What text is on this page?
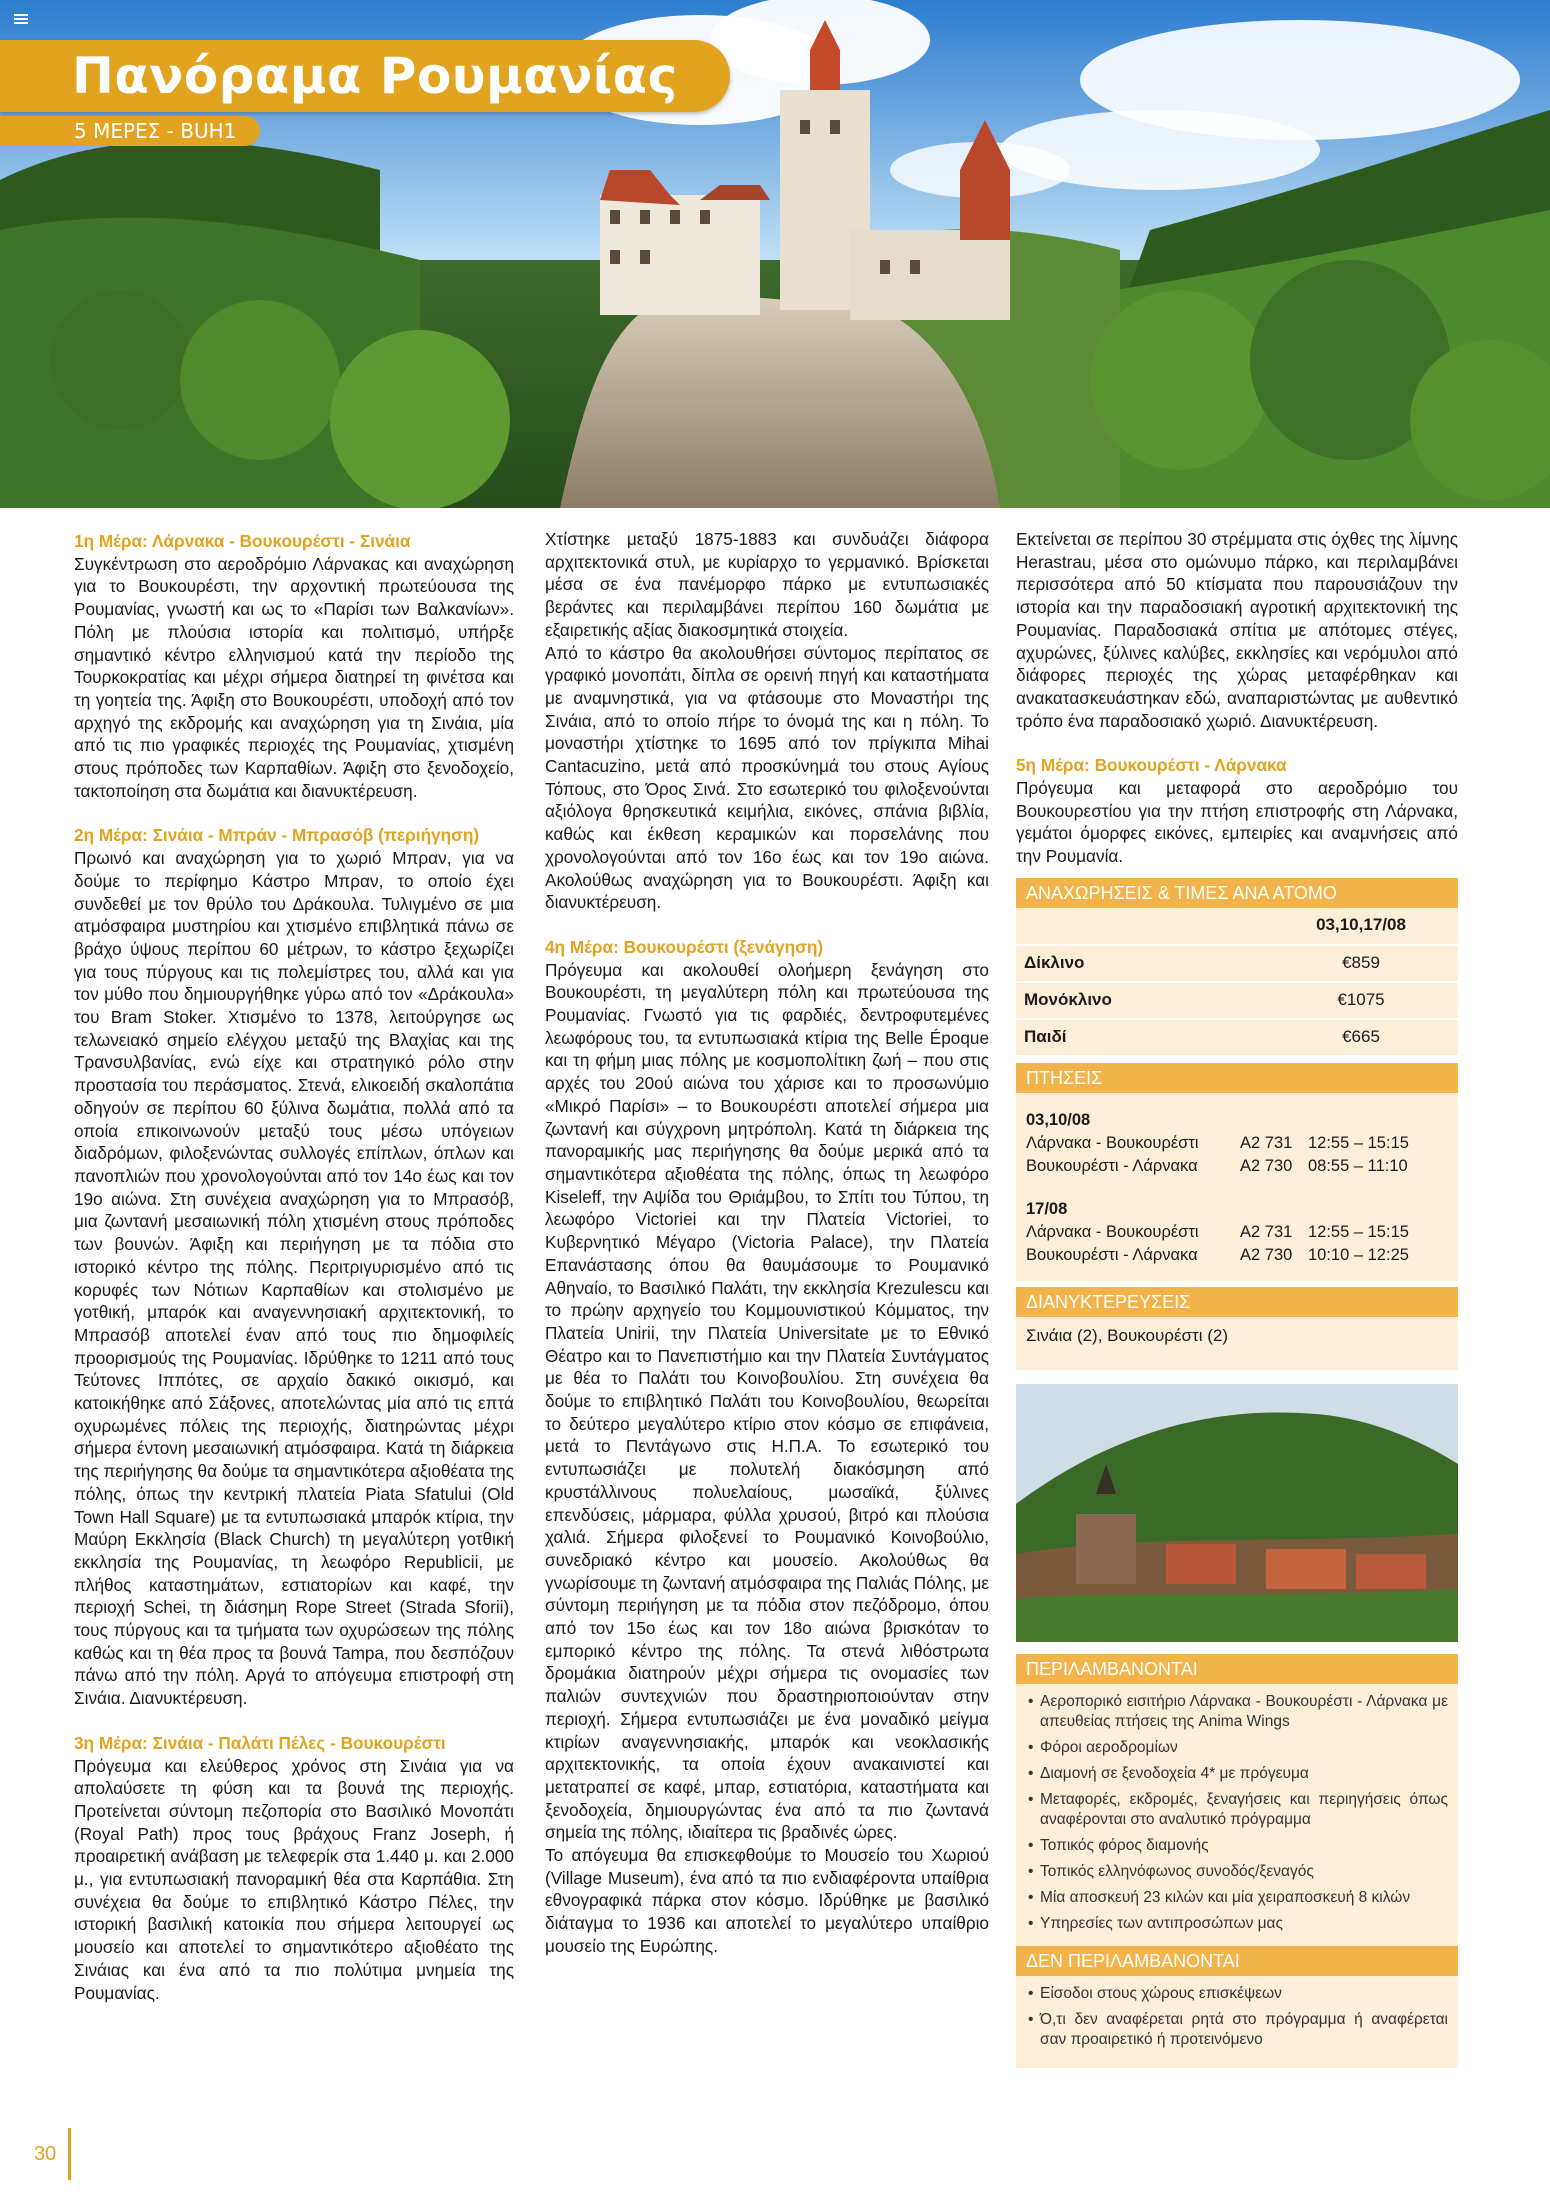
Πανόραμα Ρουμανίας
5 ΜΕΡΕΣ - BUH1
1η Μέρα: Λάρνακα - Βουκουρέστι - Σινάια
Συγκέντρωση στο αεροδρόμιο Λάρνακας και αναχώρηση για το Βουκουρέστι, την αρχοντική πρωτεύουσα της Ρουμανίας, γνωστή και ως το «Παρίσι των Βαλκανίων». Πόλη με πλούσια ιστορία και πολιτισμό, υπήρξε σημαντικό κέντρο ελληνισμού κατά την περίοδο της Τουρκοκρατίας και μέχρι σήμερα διατηρεί τη φινέτσα και τη γοητεία της. Άφιξη στο Βουκουρέστι, υποδοχή από τον αρχηγό της εκδρομής και αναχώρηση για τη Σινάια, μία από τις πιο γραφικές περιοχές της Ρουμανίας, χτισμένη στους πρόποδες των Καρπαθίων. Άφιξη στο ξενοδοχείο, τακτοποίηση στα δωμάτια και διανυκτέρευση.
2η Μέρα: Σινάια - Μπράν - Μπρασόβ (περιήγηση)
Πρωινό και αναχώρηση για το χωριό Μπραν, για να δούμε το περίφημο Κάστρο Μπραν, το οποίο έχει συνδεθεί με τον θρύλο του Δράκουλα. Τυλιγμένο σε μια ατμόσφαιρα μυστηρίου και χτισμένο επιβλητικά πάνω σε βράχο ύψους περίπου 60 μέτρων, το κάστρο ξεχωρίζει για τους πύργους και τις πολεμίστρες του, αλλά και για τον μύθο που δημιουργήθηκε γύρω από τον «Δράκουλα» του Bram Stoker. Χτισμένο το 1378, λειτούργησε ως τελωνειακό σημείο ελέγχου μεταξύ της Βλαχίας και της Τρανσυλβανίας, ενώ είχε και στρατηγικό ρόλο στην προστασία του περάσματος. Στενά, ελικοειδή σκαλοπάτια οδηγούν σε περίπου 60 ξύλινα δωμάτια, πολλά από τα οποία επικοινωνούν μεταξύ τους μέσω υπόγειων διαδρόμων, φιλοξενώντας συλλογές επίπλων, όπλων και πανοπλιών που χρονολογούνται από τον 14ο έως και τον 19ο αιώνα. Στη συνέχεια αναχώρηση για το Μπρασόβ, μια ζωντανή μεσαιωνική πόλη χτισμένη στους πρόποδες των βουνών. Άφιξη και περιήγηση με τα πόδια στο ιστορικό κέντρο της πόλης. Περιτριγυρισμένο από τις κορυφές των Νότιων Καρπαθίων και στολισμένο με γοτθική, μπαρόκ και αναγεννησιακή αρχιτεκτονική, το Μπρασόβ αποτελεί έναν από τους πιο δημοφιλείς προορισμούς της Ρουμανίας. Ιδρύθηκε το 1211 από τους Τεύτονες Ιππότες, σε αρχαίο δακικό οικισμό, και κατοικήθηκε από Σάξονες, αποτελώντας μία από τις επτά οχυρωμένες πόλεις της περιοχής, διατηρώντας μέχρι σήμερα έντονη μεσαιωνική ατμόσφαιρα. Κατά τη διάρκεια της περιήγησης θα δούμε τα σημαντικότερα αξιοθέατα της πόλης, όπως την κεντρική πλατεία Piata Sfatului (Old Town Hall Square) με τα εντυπωσιακά μπαρόκ κτίρια, την Μαύρη Εκκλησία (Black Church) τη μεγαλύτερη γοτθική εκκλησία της Ρουμανίας, τη λεωφόρο Republicii, με πλήθος καταστημάτων, εστιατορίων και καφέ, την περιοχή Schei, τη διάσημη Rope Street (Strada Sforii), τους πύργους και τα τμήματα των οχυρώσεων της πόλης καθώς και τη θέα προς τα βουνά Tampa, που δεσπόζουν πάνω από την πόλη. Αργά το απόγευμα επιστροφή στη Σινάια. Διανυκτέρευση.
3η Μέρα: Σινάια - Παλάτι Πέλες - Βουκουρέστι
Πρόγευμα και ελεύθερος χρόνος στη Σινάια για να απολαύσετε τη φύση και τα βουνά της περιοχής. Προτείνεται σύντομη πεζοπορία στο Βασιλικό Μονοπάτι (Royal Path) προς τους βράχους Franz Joseph, ή προαιρετική ανάβαση με τελεφερίκ στα 1.440 μ. και 2.000 μ., για εντυπωσιακή πανοραμική θέα στα Καρπάθια. Στη συνέχεια θα δούμε το επιβλητικό Κάστρο Πέλες, την ιστορική βασιλική κατοικία που σήμερα λειτουργεί ως μουσείο και αποτελεί το σημαντικότερο αξιοθέατο της Σινάιας και ένα από τα πιο πολύτιμα μνημεία της Ρουμανίας.
Χτίστηκε μεταξύ 1875-1883 και συνδυάζει διάφορα αρχιτεκτονικά στυλ, με κυρίαρχο το γερμανικό. Βρίσκεται μέσα σε ένα πανέμορφο πάρκο με εντυπωσιακές βεράντες και περιλαμβάνει περίπου 160 δωμάτια με εξαιρετικής αξίας διακοσμητικά στοιχεία.
Από το κάστρο θα ακολουθήσει σύντομος περίπατος σε γραφικό μονοπάτι, δίπλα σε ορεινή πηγή και καταστήματα με αναμνηστικά, για να φτάσουμε στο Μοναστήρι της Σινάια, από το οποίο πήρε το όνομά της και η πόλη. Το μοναστήρι χτίστηκε το 1695 από τον πρίγκιπα Mihai Cantacuzino, μετά από προσκύνημά του στους Αγίους Τόπους, στο Όρος Σινά. Στο εσωτερικό του φιλοξενούνται αξιόλογα θρησκευτικά κειμήλια, εικόνες, σπάνια βιβλία, καθώς και έκθεση κεραμικών και πορσελάνης που χρονολογούνται από τον 16ο έως και τον 19ο αιώνα. Ακολούθως αναχώρηση για το Βουκουρέστι. Άφιξη και διανυκτέρευση.
4η Μέρα: Βουκουρέστι (ξενάγηση)
Πρόγευμα και ακολουθεί ολοήμερη ξενάγηση στο Βουκουρέστι, τη μεγαλύτερη πόλη και πρωτεύουσα της Ρουμανίας. Γνωστό για τις φαρδιές, δεντροφυτεμένες λεωφόρους του, τα εντυπωσιακά κτίρια της Belle Époque και τη φήμη μιας πόλης με κοσμοπολίτικη ζωή – που στις αρχές του 20ού αιώνα του χάρισε και το προσωνύμιο «Μικρό Παρίσι» – το Βουκουρέστι αποτελεί σήμερα μια ζωντανή και σύγχρονη μητρόπολη. Κατά τη διάρκεια της πανοραμικής μας περιήγησης θα δούμε μερικά από τα σημαντικότερα αξιοθέατα της πόλης, όπως τη λεωφόρο Kiseleff, την Αψίδα του Θριάμβου, το Σπίτι του Τύπου, τη λεωφόρο Victoriei και την Πλατεία Victoriei, το Κυβερνητικό Μέγαρο (Victoria Palace), την Πλατεία Επανάστασης όπου θα θαυμάσουμε το Ρουμανικό Αθηναίο, το Βασιλικό Παλάτι, την εκκλησία Krezulescu και το πρώην αρχηγείο του Κομμουνιστικού Κόμματος, την Πλατεία Unirii, την Πλατεία Universitate με το Εθνικό Θέατρο και το Πανεπιστήμιο και την Πλατεία Συντάγματος με θέα το Παλάτι του Κοινοβουλίου. Στη συνέχεια θα δούμε το επιβλητικό Παλάτι του Κοινοβουλίου, θεωρείται το δεύτερο μεγαλύτερο κτίριο στον κόσμο σε επιφάνεια, μετά το Πεντάγωνο στις Η.Π.Α. Το εσωτερικό του εντυπωσιάζει με πολυτελή διακόσμηση από κρυστάλλινους πολυελαίους, μωσαϊκά, ξύλινες επενδύσεις, μάρμαρα, φύλλα χρυσού, βιτρό και πλούσια χαλιά. Σήμερα φιλοξενεί το Ρουμανικό Κοινοβούλιο, συνεδριακό κέντρο και μουσείο. Ακολούθως θα γνωρίσουμε τη ζωντανή ατμόσφαιρα της Παλιάς Πόλης, με σύντομη περιήγηση με τα πόδια στον πεζόδρομο, όπου από τον 15ο έως και τον 18ο αιώνα βρισκόταν το εμπορικό κέντρο της πόλης. Τα στενά λιθόστρωτα δρομάκια διατηρούν μέχρι σήμερα τις ονομασίες των παλιών συντεχνιών που δραστηριοποιούνταν στην περιοχή. Σήμερα εντυπωσιάζει με ένα μοναδικό μείγμα κτιρίων αναγεννησιακής, μπαρόκ και νεοκλασικής αρχιτεκτονικής, τα οποία έχουν ανακαινιστεί και μετατραπεί σε καφέ, μπαρ, εστιατόρια, καταστήματα και ξενοδοχεία, δημιουργώντας ένα από τα πιο ζωντανά σημεία της πόλης, ιδιαίτερα τις βραδινές ώρες.
Το απόγευμα θα επισκεφθούμε το Μουσείο του Χωριού (Village Museum), ένα από τα πιο ενδιαφέροντα υπαίθρια εθνογραφικά πάρκα στον κόσμο. Ιδρύθηκε με βασιλικό διάταγμα το 1936 και αποτελεί το μεγαλύτερο υπαίθριο μουσείο της Ευρώπης.
Εκτείνεται σε περίπου 30 στρέμματα στις όχθες της λίμνης Herastrau, μέσα στο ομώνυμο πάρκο, και περιλαμβάνει περισσότερα από 50 κτίσματα που παρουσιάζουν την ιστορία και την παραδοσιακή αγροτική αρχιτεκτονική της Ρουμανίας. Παραδοσιακά σπίτια με απότομες στέγες, αχυρώνες, ξύλινες καλύβες, εκκλησίες και νερόμυλοι από διάφορες περιοχές της χώρας μεταφέρθηκαν και ανακατασκευάστηκαν εδώ, αναπαριστώντας με αυθεντικό τρόπο ένα παραδοσιακό χωριό. Διανυκτέρευση.
5η Μέρα: Βουκουρέστι - Λάρνακα
Πρόγευμα και μεταφορά στο αεροδρόμιο του Βουκουρεστίου για την πτήση επιστροφής στη Λάρνακα, γεμάτοι όμορφες εικόνες, εμπειρίες και αναμνήσεις από την Ρουμανία.
ΑΝΑΧΩΡΗΣΕΙΣ & ΤΙΜΕΣ ΑΝΑ ΑΤΟΜΟ
	03,10,17/08
Δίκλινο	€859
Μονόκλινο	€1075
Παιδί	€665
ΠΤΗΣΕΙΣ
03,10/08
Λάρνακα - Βουκουρέστι	A2 731 12:55 – 15:15
Βουκουρέστι - Λάρνακα	A2 730 08:55 – 11:10
17/08
Λάρνακα - Βουκουρέστι	A2 731 12:55 – 15:15
Βουκουρέστι - Λάρνακα	A2 730 10:10 – 12:25
ΔΙΑΝΥΚΤΕΡΕΥΣΕΙΣ
Σινάια (2), Βουκουρέστι (2)
ΠΕΡΙΛΑΜΒΑΝΟΝΤΑΙ
• Αεροπορικό εισιτήριο Λάρνακα - Βουκουρέστι - Λάρνακα με απευθείας πτήσεις της Anima Wings
• Φόροι αεροδρομίων
• Διαμονή σε ξενοδοχεία 4* με πρόγευμα
• Μεταφορές, εκδρομές, ξεναγήσεις και περιηγήσεις όπως αναφέρονται στο αναλυτικό πρόγραμμα
• Τοπικός φόρος διαμονής
• Τοπικός ελληνόφωνος συνοδός/ξεναγός
• Μία αποσκευή 23 κιλών και μία χειραποσκευή 8 κιλών
• Υπηρεσίες των αντιπροσώπων μας
ΔΕΝ ΠΕΡΙΛΑΜΒΑΝΟΝΤΑΙ
• Είσοδοι στους χώρους επισκέψεων
• Ό,τι δεν αναφέρεται ρητά στο πρόγραμμα ή αναφέρεται σαν προαιρετικό ή προτεινόμενο
30
